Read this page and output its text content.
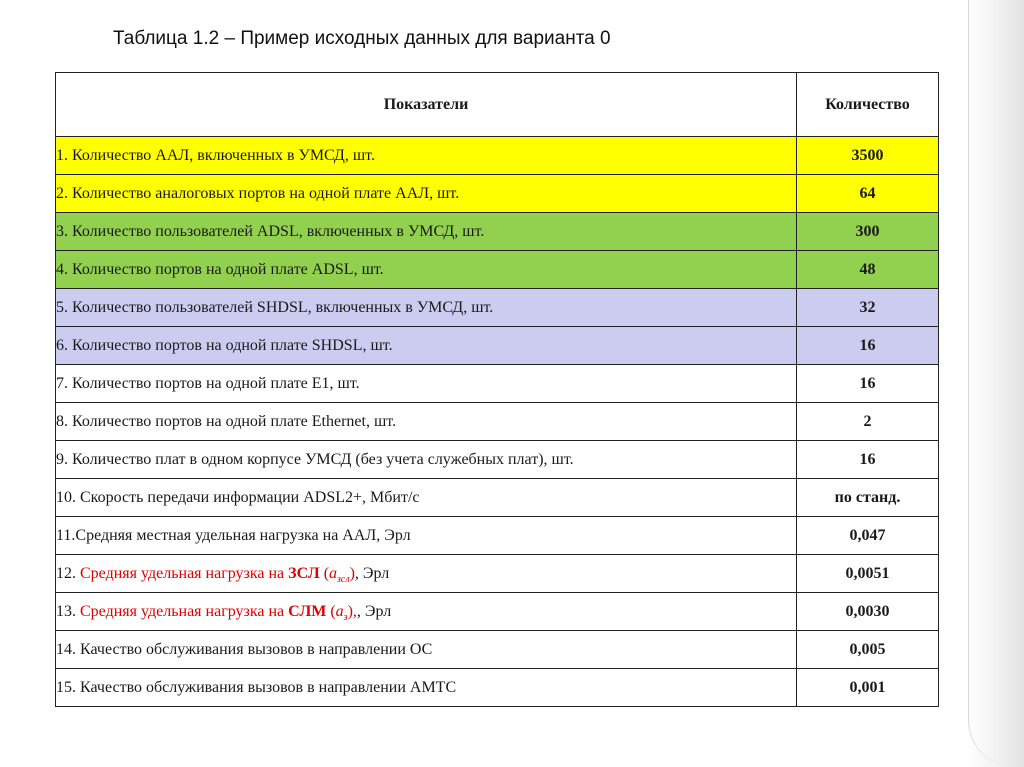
Таблица 1.2 – Пример исходных данных для варианта 0
Показатели	Количество
1. Количество ААЛ, включенных в УМСД, шт.	3500
2. Количество аналоговых портов на одной плате ААЛ, шт.	64
3. Количество пользователей ADSL, включенных в УМСД, шт.	300
4. Количество портов на одной плате ADSL, шт.	48
5. Количество пользователей SHDSL, включенных в УМСД, шт.	32
6. Количество портов на одной плате SHDSL, шт.	16
7. Количество портов на одной плате E1, шт.	16
8. Количество портов на одной плате Ethernet, шт.	2
9. Количество плат в одном корпусе УМСД (без учета служебных плат), шт.	16
10. Скорость передачи информации ADSL2+, Мбит/с	по станд.
11.Средняя местная удельная нагрузка на ААЛ, Эрл	0,047
12. Средняя удельная нагрузка на ЗСЛ $(a_{зсл})$, Эрл	0,0051
13. Средняя удельная нагрузка на СЛМ $(a_з)$,, Эрл	0,0030
14. Качество обслуживания вызовов в направлении ОС	0,005
15. Качество обслуживания вызовов в направлении АМТС	0,001
